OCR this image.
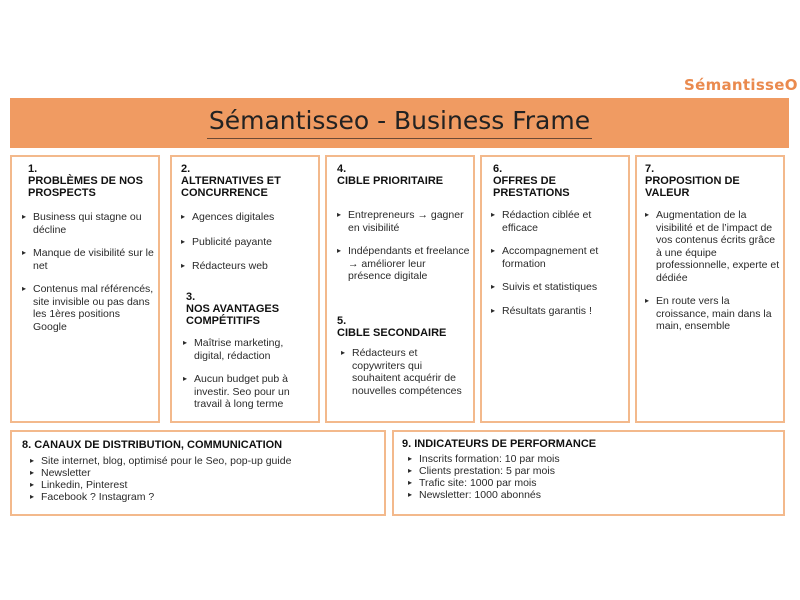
SémantisseO
Sémantisseo - Business Frame
1.
PROBLÈMES DE NOS PROSPECTS
▸ Business qui stagne ou décline
▸ Manque de visibilité sur le net
▸ Contenus mal référencés, site invisible ou pas dans les 1ères positions Google
2.
ALTERNATIVES ET CONCURRENCE
▸ Agences digitales
▸ Publicité payante
▸ Rédacteurs web
3.
NOS AVANTAGES COMPÉTITIFS
▸ Maîtrise marketing, digital, rédaction
▸ Aucun budget pub à investir. Seo pour un travail à long terme
4.
CIBLE PRIORITAIRE
▸ Entrepreneurs → gagner en visibilité
▸ Indépendants et freelance → améliorer leur présence digitale
5.
CIBLE SECONDAIRE
▸ Rédacteurs et copywriters qui souhaitent acquérir de nouvelles compétences
6.
OFFRES DE PRESTATIONS
▸ Rédaction ciblée et efficace
▸ Accompagnement et formation
▸ Suivis et statistiques
▸ Résultats garantis !
7.
PROPOSITION DE VALEUR
▸ Augmentation de la visibilité et de l’impact de vos contenus écrits grâce à une équipe professionnelle, experte et dédiée
▸ En route vers la croissance, main dans la main, ensemble
8. CANAUX DE DISTRIBUTION, COMMUNICATION
▸ Site internet, blog, optimisé pour le Seo, pop-up guide
▸ Newsletter
▸ Linkedin, Pinterest
▸ Facebook ? Instagram ?
9. INDICATEURS DE PERFORMANCE
▸ Inscrits formation: 10 par mois
▸ Clients prestation: 5 par mois
▸ Trafic site: 1000 par mois
▸ Newsletter: 1000 abonnés
